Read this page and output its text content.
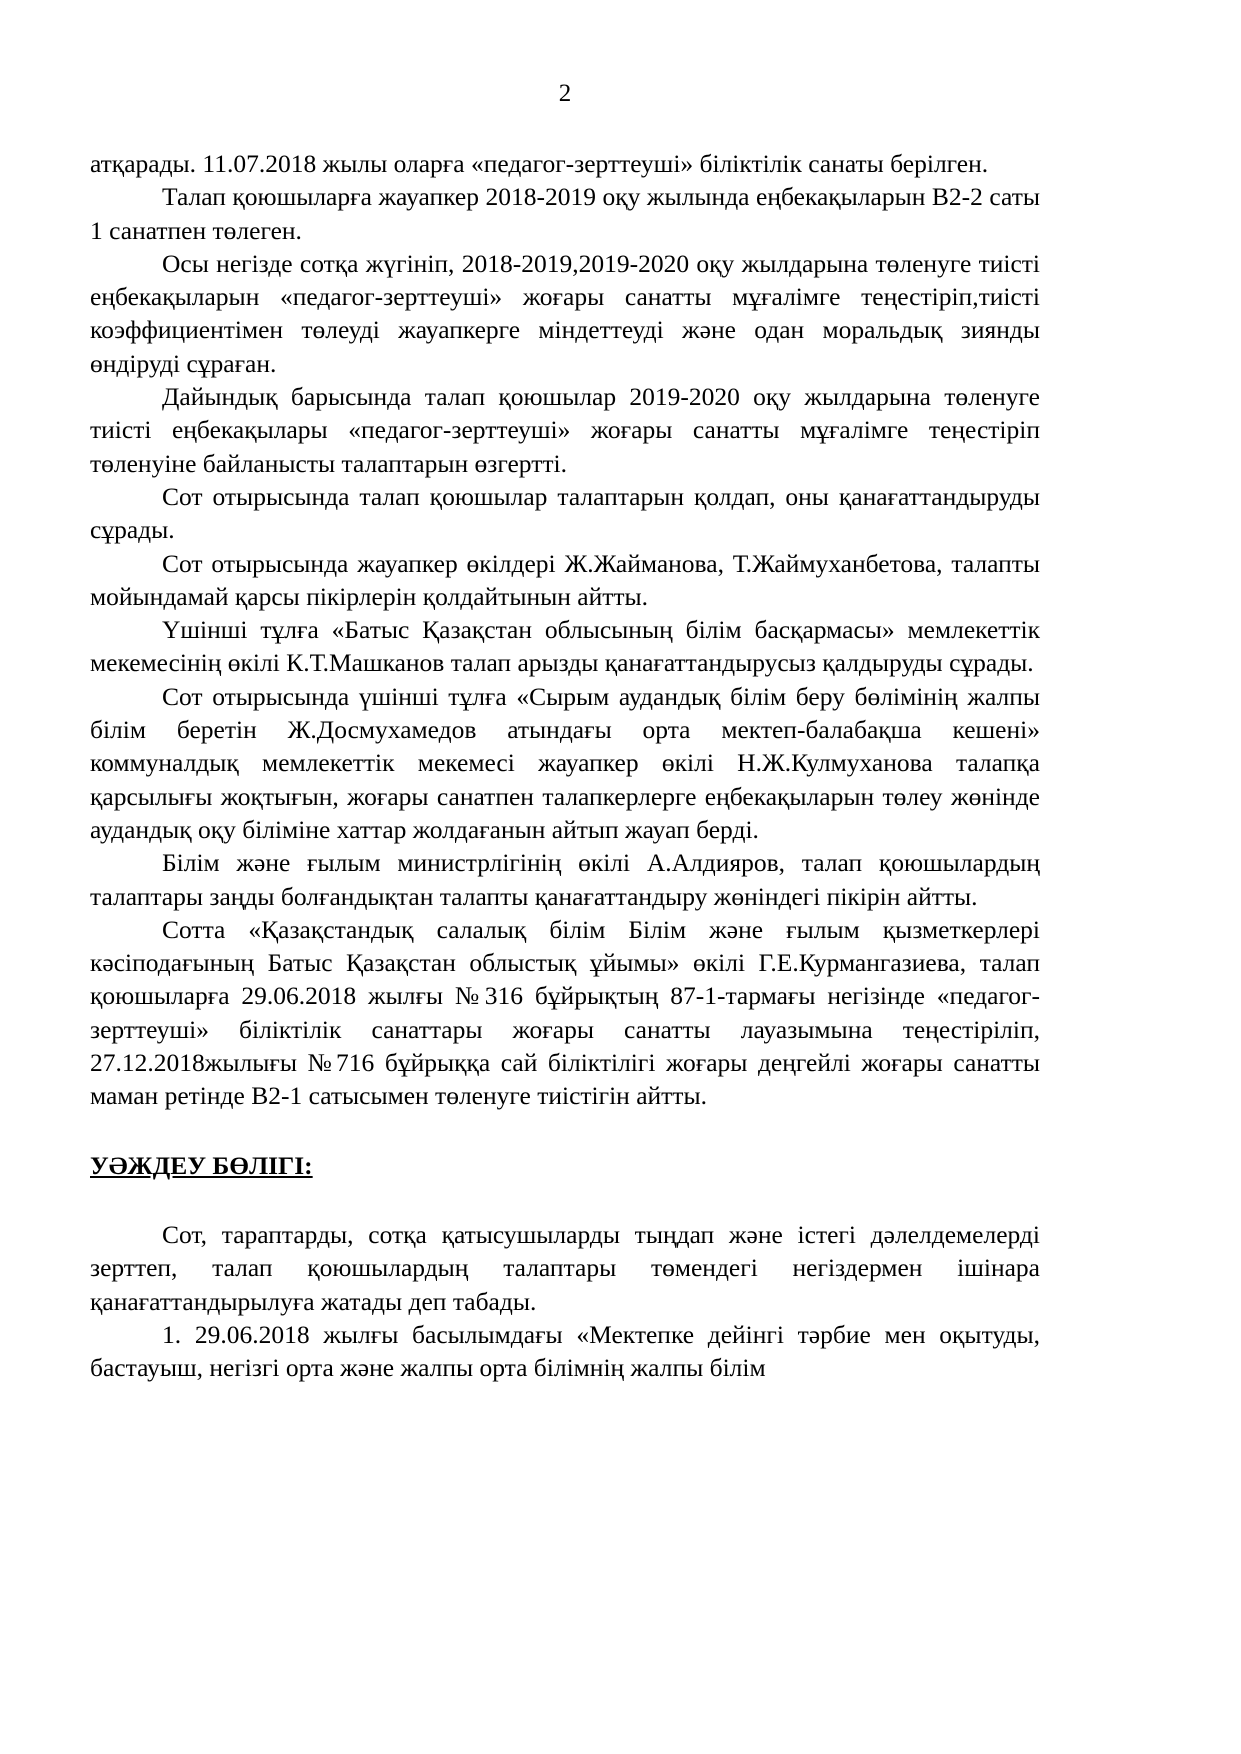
2

атқарады. 11.07.2018 жылы оларға «педагог-зерттеуші» біліктілік санаты берілген.

Талап қоюшыларға жауапкер 2018-2019 оқу жылында еңбекақыларын В2-2 саты 1 санатпен төлеген.

Осы негізде сотқа жүгініп, 2018-2019,2019-2020 оқу жылдарына төленуге тиісті еңбекақыларын «педагог-зерттеуші» жоғары санатты мұғалімге теңестіріп,тиісті коэффициентімен төлеуді жауапкерге міндеттеуді және одан моральдық зиянды өндіруді сұраған.

Дайындық барысында талап қоюшылар 2019-2020 оқу жылдарына төленуге тиісті еңбекақылары «педагог-зерттеуші» жоғары санатты мұғалімге теңестіріп төленуіне байланысты талаптарын өзгертті.

Сот отырысында талап қоюшылар талаптарын қолдап, оны қанағаттандыруды сұрады.

Сот отырысында жауапкер өкілдері Ж.Жайманова, Т.Жаймуханбетова, талапты мойындамай қарсы пікірлерін қолдайтынын айтты.

Үшінші тұлға «Батыс Қазақстан облысының білім басқармасы» мемлекеттік мекемесінің өкілі К.Т.Машканов талап арызды қанағаттандырусыз қалдыруды сұрады.

Сот отырысында үшінші тұлға «Сырым аудандық білім беру бөлімінің жалпы білім беретін Ж.Досмухамедов атындағы орта мектеп-балабақша кешені» коммуналдық мемлекеттік мекемесі жауапкер өкілі Н.Ж.Кулмуханова талапқа қарсылығы жоқтығын, жоғары санатпен талапкерлерге еңбекақыларын төлеу жөнінде аудандық оқу біліміне хаттар жолдағанын айтып жауап берді.

Білім және ғылым министрлігінің өкілі А.Алдияров, талап қоюшылардың талаптары заңды болғандықтан талапты қанағаттандыру жөніндегі пікірін айтты.

Сотта «Қазақстандық салалық білім Білім және ғылым қызметкерлері кәсіподағының Батыс Қазақстан облыстық ұйымы» өкілі Г.Е.Курмангазиева, талап қоюшыларға 29.06.2018 жылғы №316 бұйрықтың 87-1-тармағы негізінде «педагог-зерттеуші» біліктілік санаттары жоғары санатты лауазымына теңестіріліп, 27.12.2018жылығы №716 бұйрыққа сай біліктілігі жоғары деңгейлі жоғары санатты маман ретінде В2-1 сатысымен төленуге тиістігін айтты.

УӘЖДЕУ БӨЛІГІ:

Сот, тараптарды, сотқа қатысушыларды тыңдап және істегі дәлелдемелерді зерттеп, талап қоюшылардың талаптары төмендегі негіздермен ішінара қанағаттандырылуға жатады деп табады.

1. 29.06.2018 жылғы басылымдағы «Мектепке дейінгі тәрбие мен оқытуды, бастауыш, негізгі орта және жалпы орта білімнің жалпы білім
